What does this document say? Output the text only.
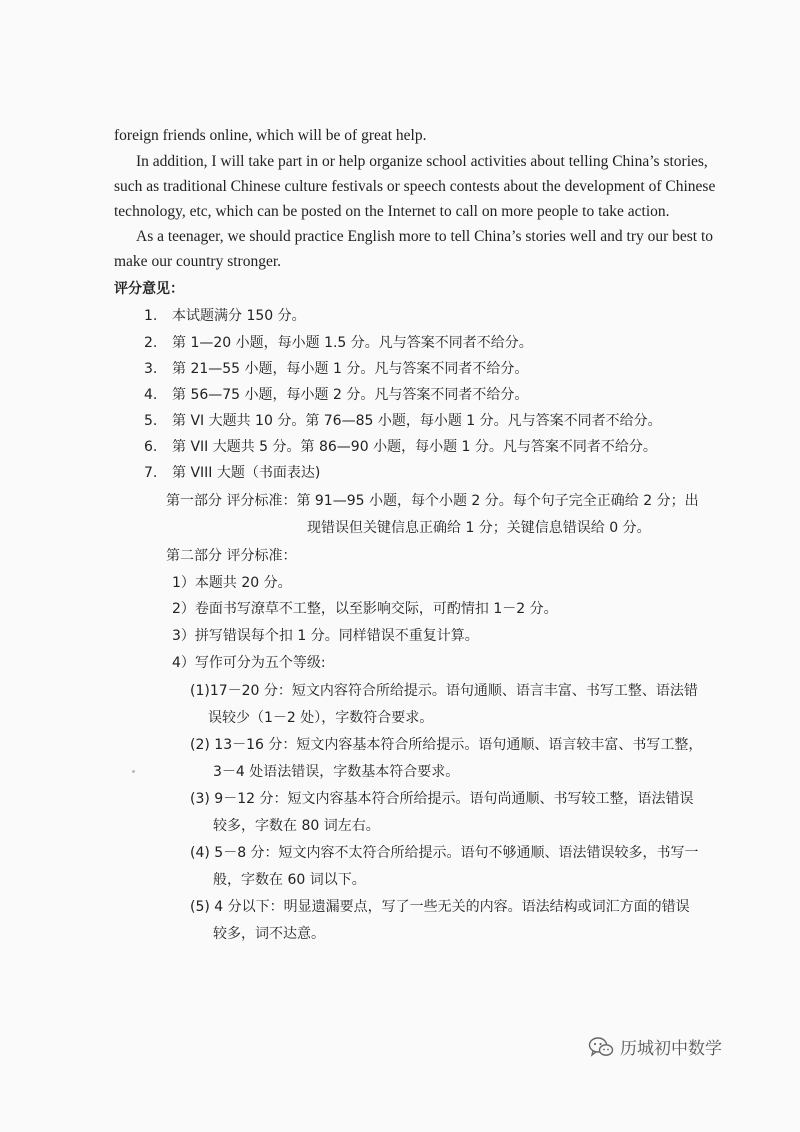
foreign friends online, which will be of great help.
In addition, I will take part in or help organize school activities about telling China’s stories,
such as traditional Chinese culture festivals or speech contests about the development of Chinese
technology, etc, which can be posted on the Internet to call on more people to take action.
As a teenager, we should practice English more to tell China’s stories well and try our best to
make our country stronger.
评分意见：
1. 本试题满分 150 分。
2. 第 1—20 小题，每小题 1.5 分。凡与答案不同者不给分。
3. 第 21—55 小题，每小题 1 分。凡与答案不同者不给分。
4. 第 56—75 小题，每小题 2 分。凡与答案不同者不给分。
5. 第 VI 大题共 10 分。第 76—85 小题，每小题 1 分。凡与答案不同者不给分。
6. 第 VII 大题共 5 分。第 86—90 小题，每小题 1 分。凡与答案不同者不给分。
7. 第 VIII 大题（书面表达)
第一部分 评分标准：第 91—95 小题，每个小题 2 分。每个句子完全正确给 2 分；出
现错误但关键信息正确给 1 分；关键信息错误给 0 分。
第二部分 评分标准：
1）本题共 20 分。
2）卷面书写潦草不工整，以至影响交际，可酌情扣 1－2 分。
3）拼写错误每个扣 1 分。同样错误不重复计算。
4）写作可分为五个等级:
(1)17－20 分：短文内容符合所给提示。语句通顺、语言丰富、书写工整、语法错
误较少（1－2 处），字数符合要求。
(2) 13－16 分：短文内容基本符合所给提示。语句通顺、语言较丰富、书写工整，
3－4 处语法错误，字数基本符合要求。
(3) 9－12 分：短文内容基本符合所给提示。语句尚通顺、书写较工整，语法错误
较多，字数在 80 词左右。
(4) 5－8 分：短文内容不太符合所给提示。语句不够通顺、语法错误较多，书写一
般，字数在 60 词以下。
(5) 4 分以下：明显遗漏要点，写了一些无关的内容。语法结构或词汇方面的错误
较多，词不达意。
历城初中数学
